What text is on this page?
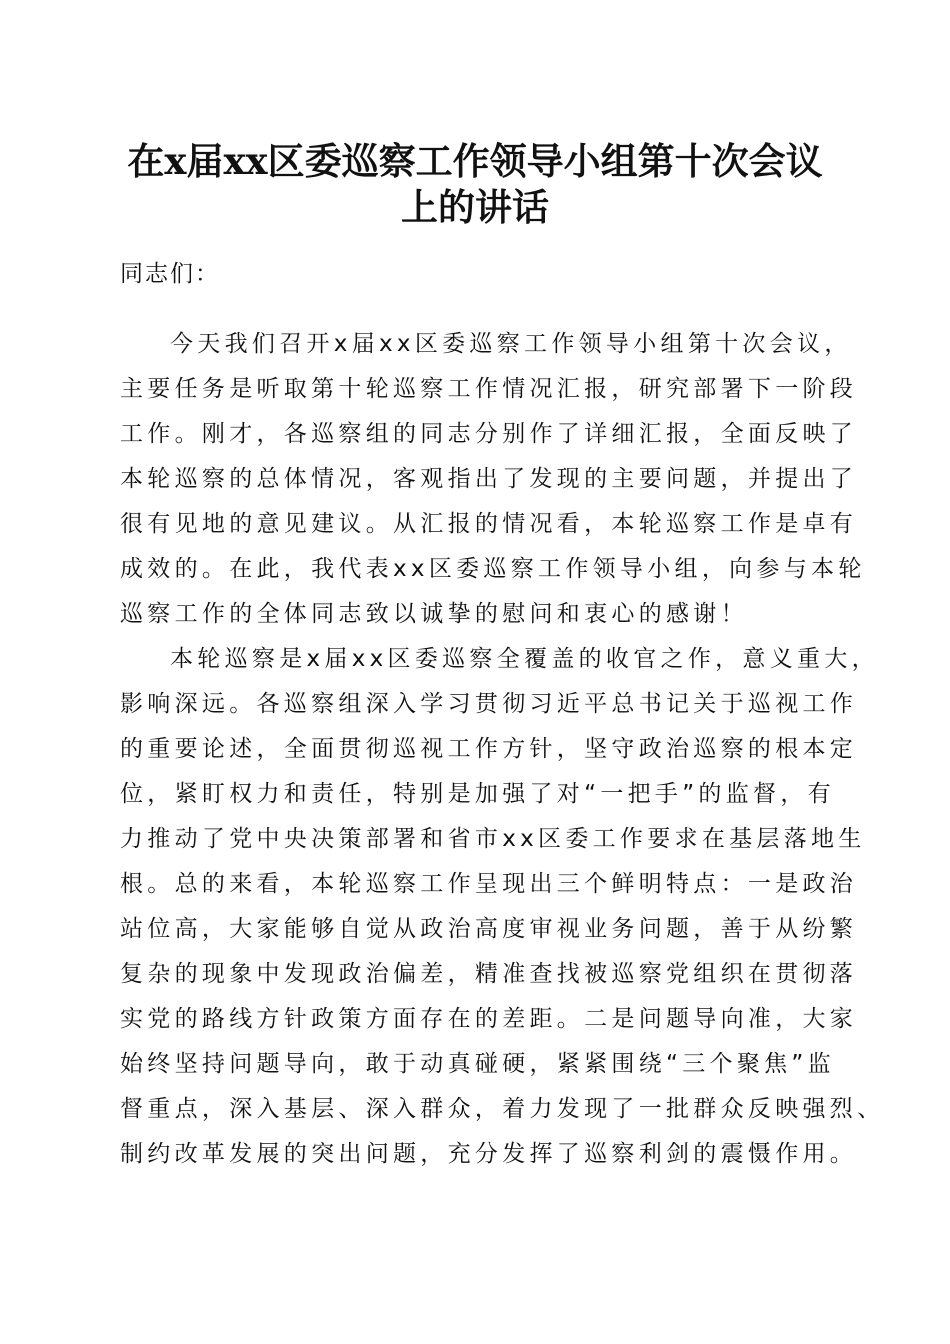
在x届xx区委巡察工作领导小组第十次会议
上的讲话
同志们：
今天我们召开x届xx区委巡察工作领导小组第十次会议，
主要任务是听取第十轮巡察工作情况汇报，研究部署下一阶段
工作。刚才，各巡察组的同志分别作了详细汇报，全面反映了
本轮巡察的总体情况，客观指出了发现的主要问题，并提出了
很有见地的意见建议。从汇报的情况看，本轮巡察工作是卓有
成效的。在此，我代表xx区委巡察工作领导小组，向参与本轮
巡察工作的全体同志致以诚挚的慰问和衷心的感谢！
本轮巡察是x届xx区委巡察全覆盖的收官之作，意义重大，
影响深远。各巡察组深入学习贯彻习近平总书记关于巡视工作
的重要论述，全面贯彻巡视工作方针，坚守政治巡察的根本定
位，紧盯权力和责任，特别是加强了对“一把手”的监督，有
力推动了党中央决策部署和省市xx区委工作要求在基层落地生
根。总的来看，本轮巡察工作呈现出三个鲜明特点：一是政治
站位高，大家能够自觉从政治高度审视业务问题，善于从纷繁
复杂的现象中发现政治偏差，精准查找被巡察党组织在贯彻落
实党的路线方针政策方面存在的差距。二是问题导向准，大家
始终坚持问题导向，敢于动真碰硬，紧紧围绕“三个聚焦”监
督重点，深入基层、深入群众，着力发现了一批群众反映强烈、
制约改革发展的突出问题，充分发挥了巡察利剑的震慑作用。
